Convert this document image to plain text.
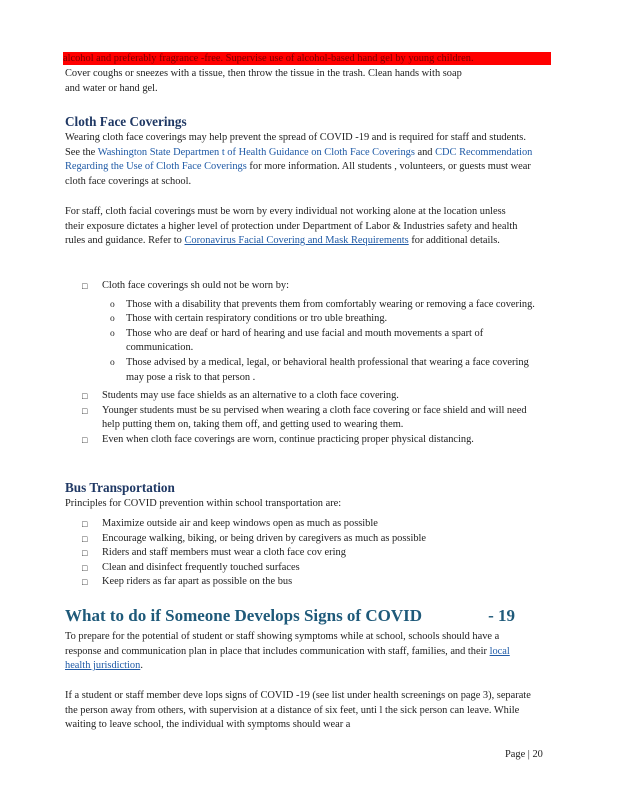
alcohol and preferably fragrance -free. Supervise use of alcohol-based hand gel by young children.
Cover coughs or sneezes with a tissue, then throw the tissue in the trash. Clean hands with soap
and water or hand gel.
Cloth Face Coverings
Wearing cloth face coverings may help prevent the spread of COVID -19 and is required for staff and students. See the Washington State Departmen t of Health Guidance on Cloth Face Coverings and CDC Recommendation Regarding the Use of Cloth Face Coverings for more information. All students , volunteers, or guests must wear cloth face coverings at school.
For staff, cloth facial coverings must be worn by every individual not working alone at the location unless their exposure dictates a higher level of protection under Department of Labor & Industries safety and health rules and guidance. Refer to Coronavirus Facial Covering and Mask Requirements for additional details.
□ Cloth face coverings sh ould not be worn by:
o Those with a disability that prevents them from comfortably wearing or removing a face covering.
o Those with certain respiratory conditions or tro uble breathing.
o Those who are deaf or hard of hearing and use facial and mouth movements a spart of communication.
o Those advised by a medical, legal, or behavioral health professional that wearing a face covering may pose a risk to that person .
□ Students may use face shields as an alternative to a cloth face covering.
□ Younger students must be su pervised when wearing a cloth face covering or face shield and will need help putting them on, taking them off, and getting used to wearing them.
□ Even when cloth face coverings are worn, continue practicing proper physical distancing.
Bus Transportation
Principles for COVID prevention within school transportation are:
□ Maximize outside air and keep windows open as much as possible
□ Encourage walking, biking, or being driven by caregivers as much as possible
□ Riders and staff members must wear a cloth face cov ering
□ Clean and disinfect frequently touched surfaces
□ Keep riders as far apart as possible on the bus
What to do if Someone Develops Signs of COVID	- 19
To prepare for the potential of student or staff showing symptoms while at school, schools should have a response and communication plan in place that includes communication with staff, families, and their local health jurisdiction.
If a student or staff member deve lops signs of COVID -19 (see list under health screenings on page 3), separate the person away from others, with supervision at a distance of six feet, unti l the sick person can leave. While waiting to leave school, the individual with symptoms should wear a
Page | 20
